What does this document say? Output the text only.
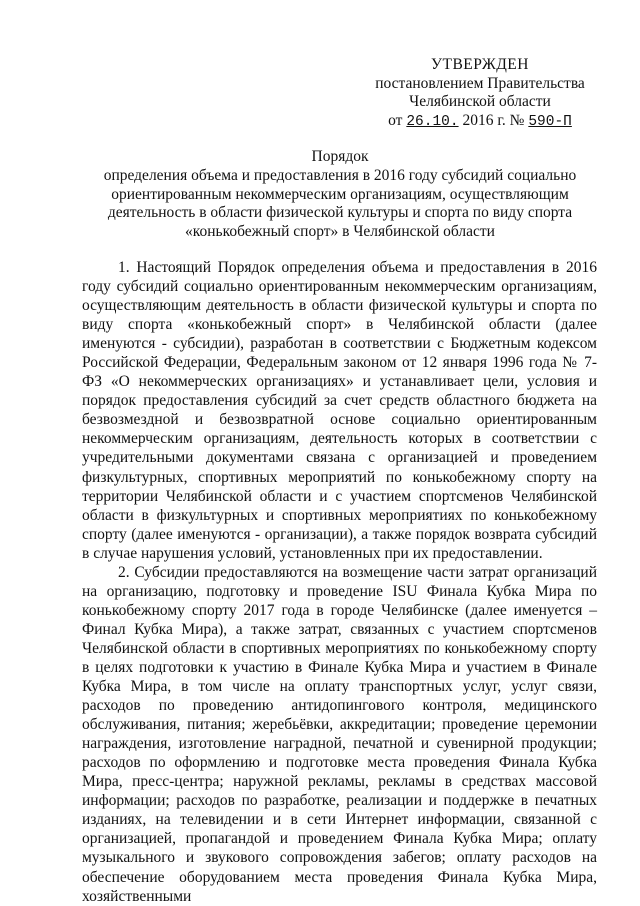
УТВЕРЖДЕН
постановлением Правительства
Челябинской области
от 26.10. 2016 г. № 590-П
Порядок
определения объема и предоставления в 2016 году субсидий социально ориентированным некоммерческим организациям, осуществляющим деятельность в области физической культуры и спорта по виду спорта «конькобежный спорт» в Челябинской области

1. Настоящий Порядок определения объема и предоставления в 2016 году субсидий социально ориентированным некоммерческим организациям, осуществляющим деятельность в области физической культуры и спорта по виду спорта «конькобежный спорт» в Челябинской области (далее именуются - субсидии), разработан в соответствии с Бюджетным кодексом Российской Федерации, Федеральным законом от 12 января 1996 года № 7-ФЗ «О некоммерческих организациях» и устанавливает цели, условия и порядок предоставления субсидий за счет средств областного бюджета на безвозмездной и безвозвратной основе социально ориентированным некоммерческим организациям, деятельность которых в соответствии с учредительными документами связана с организацией и проведением физкультурных, спортивных мероприятий по конькобежному спорту на территории Челябинской области и с участием спортсменов Челябинской области в физкультурных и спортивных мероприятиях по конькобежному спорту (далее именуются - организации), а также порядок возврата субсидий в случае нарушения условий, установленных при их предоставлении.

2. Субсидии предоставляются на возмещение части затрат организаций на организацию, подготовку и проведение ISU Финала Кубка Мира по конькобежному спорту 2017 года в городе Челябинске (далее именуется – Финал Кубка Мира), а также затрат, связанных с участием спортсменов Челябинской области в спортивных мероприятиях по конькобежному спорту в целях подготовки к участию в Финале Кубка Мира и участием в Финале Кубка Мира, в том числе на оплату транспортных услуг, услуг связи, расходов по проведению антидопингового контроля, медицинского обслуживания, питания; жеребьёвки, аккредитации; проведение церемонии награждения, изготовление наградной, печатной и сувенирной продукции; расходов по оформлению и подготовке места проведения Финала Кубка Мира, пресс-центра; наружной рекламы, рекламы в средствах массовой информации; расходов по разработке, реализации и поддержке в печатных изданиях, на телевидении и в сети Интернет информации, связанной с организацией, пропагандой и проведением Финала Кубка Мира; оплату музыкального и звукового сопровождения забегов; оплату расходов на обеспечение оборудованием места проведения Финала Кубка Мира, хозяйственными
